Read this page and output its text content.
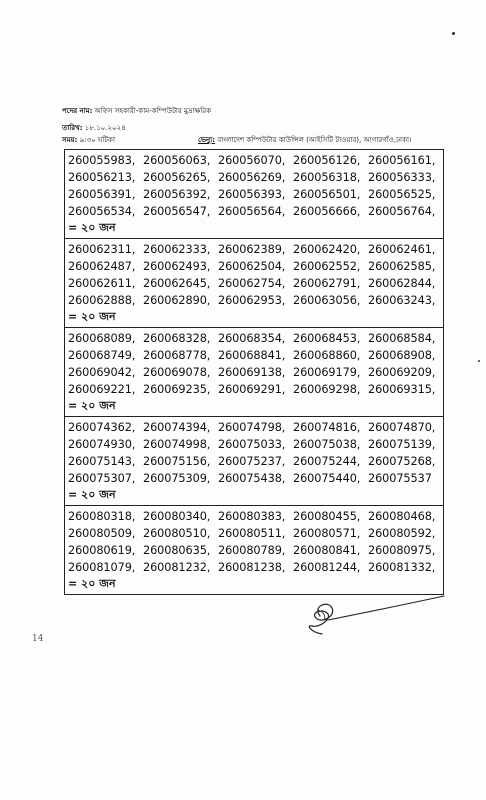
পদের নাম: অফিস সহকারী-কাম-কম্পিউটার মুদ্রাক্ষরিক
তারিখ: ১৮.১০.২০২৪
সময়: ৯:৩০ ঘটিকা	ভেন্যু: বাংলাদেশ কম্পিউটার কাউন্সিল (আইসিটি টাওয়ার), আগারগাঁও,ঢাকা।
260055983, 260056063, 260056070, 260056126, 260056161,
260056213, 260056265, 260056269, 260056318, 260056333,
260056391, 260056392, 260056393, 260056501, 260056525,
260056534, 260056547, 260056564, 260056666, 260056764,
= ২০ জন
260062311, 260062333, 260062389, 260062420, 260062461,
260062487, 260062493, 260062504, 260062552, 260062585,
260062611, 260062645, 260062754, 260062791, 260062844,
260062888, 260062890, 260062953, 260063056, 260063243,
= ২০ জন
260068089, 260068328, 260068354, 260068453, 260068584,
260068749, 260068778, 260068841, 260068860, 260068908,
260069042, 260069078, 260069138, 260069179, 260069209,
260069221, 260069235, 260069291, 260069298, 260069315,
= ২০ জন
260074362, 260074394, 260074798, 260074816, 260074870,
260074930, 260074998, 260075033, 260075038, 260075139,
260075143, 260075156, 260075237, 260075244, 260075268,
260075307, 260075309, 260075438, 260075440, 260075537
= ২০ জন
260080318, 260080340, 260080383, 260080455, 260080468,
260080509, 260080510, 260080511, 260080571, 260080592,
260080619, 260080635, 260080789, 260080841, 260080975,
260081079, 260081232, 260081238, 260081244, 260081332,
= ২০ জন
14
